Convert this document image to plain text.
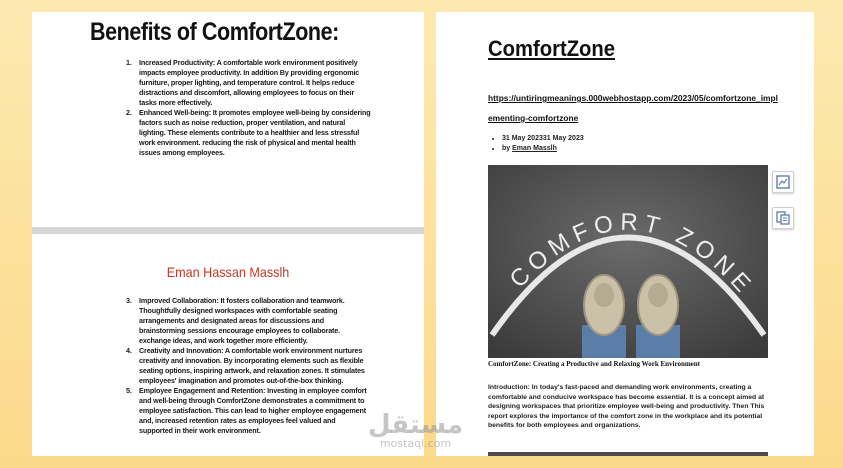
Benefits of ComfortZone:
1. Increased Productivity: A comfortable work environment positively impacts employee productivity. In addition By providing ergonomic furniture, proper lighting, and temperature control. It helps reduce distractions and discomfort, allowing employees to focus on their tasks more effectively.
2. Enhanced Well-being: It promotes employee well-being by considering factors such as noise reduction, proper ventilation, and natural lighting. These elements contribute to a healthier and less stressful work environment. reducing the risk of physical and mental health issues among employees.
Eman Hassan Masslh
3. Improved Collaboration: It fosters collaboration and teamwork. Thoughtfully designed workspaces with comfortable seating arrangements and designated areas for discussions and brainstorming sessions encourage employees to collaborate. exchange ideas, and work together more efficiently.
4. Creativity and Innovation: A comfortable work environment nurtures creativity and innovation. By incorporating elements such as flexible seating options, inspiring artwork, and relaxation zones. It stimulates employees' imagination and promotes out-of-the-box thinking.
5. Employee Engagement and Retention: Investing in employee comfort and well-being through ComfortZone demonstrates a commitment to employee satisfaction. This can lead to higher employee engagement and, increased retention rates as employees feel valued and supported in their work environment.
ComfortZone
https://untiringmeanings.000webhostapp.com/2023/05/comfortzone_implementing-comfortzone
• 31 May 202331 May 2023
• by Eman Masslh
COMFORT ZONE
ComfortZone: Creating a Productive and Relaxing Work Environment
Introduction: In today's fast-paced and demanding work environments, creating a comfortable and conducive workspace has become essential. It is a concept aimed at designing workspaces that prioritize employee well-being and productivity. Then This report explores the importance of the comfort zone in the workplace and its potential benefits for both employees and organizations.
مستقل
mostaql.com
